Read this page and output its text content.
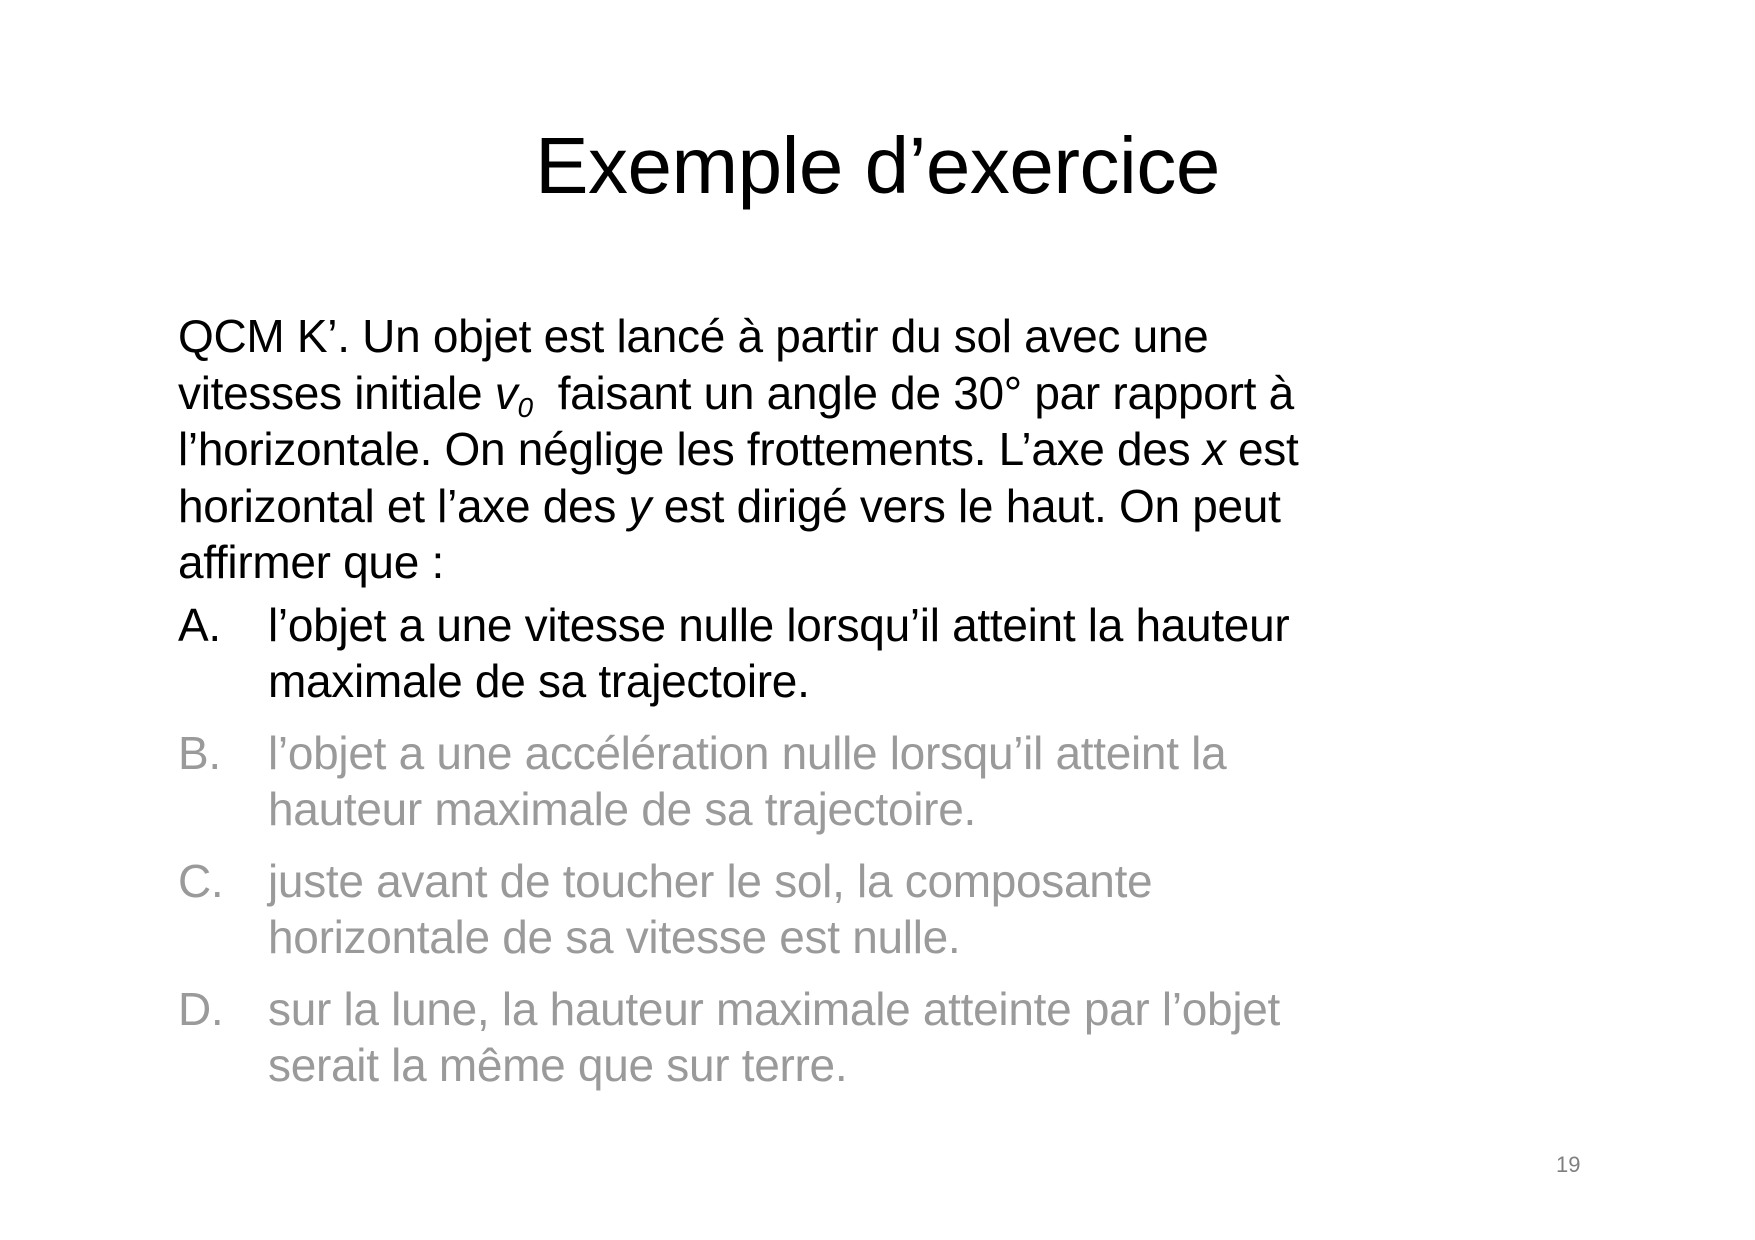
Exemple d’exercice

QCM K’. Un objet est lancé à partir du sol avec une
vitesses initiale $v_0$  faisant un angle de 30° par rapport à
l’horizontale. On néglige les frottements. L’axe des x est
horizontal et l’axe des y est dirigé vers le haut. On peut
affirmer que :

A. l’objet a une vitesse nulle lorsqu’il atteint la hauteur
maximale de sa trajectoire.
B. l’objet a une accélération nulle lorsqu’il atteint la
hauteur maximale de sa trajectoire.
C. juste avant de toucher le sol, la composante
horizontale de sa vitesse est nulle.
D. sur la lune, la hauteur maximale atteinte par l’objet
serait la même que sur terre.
19
